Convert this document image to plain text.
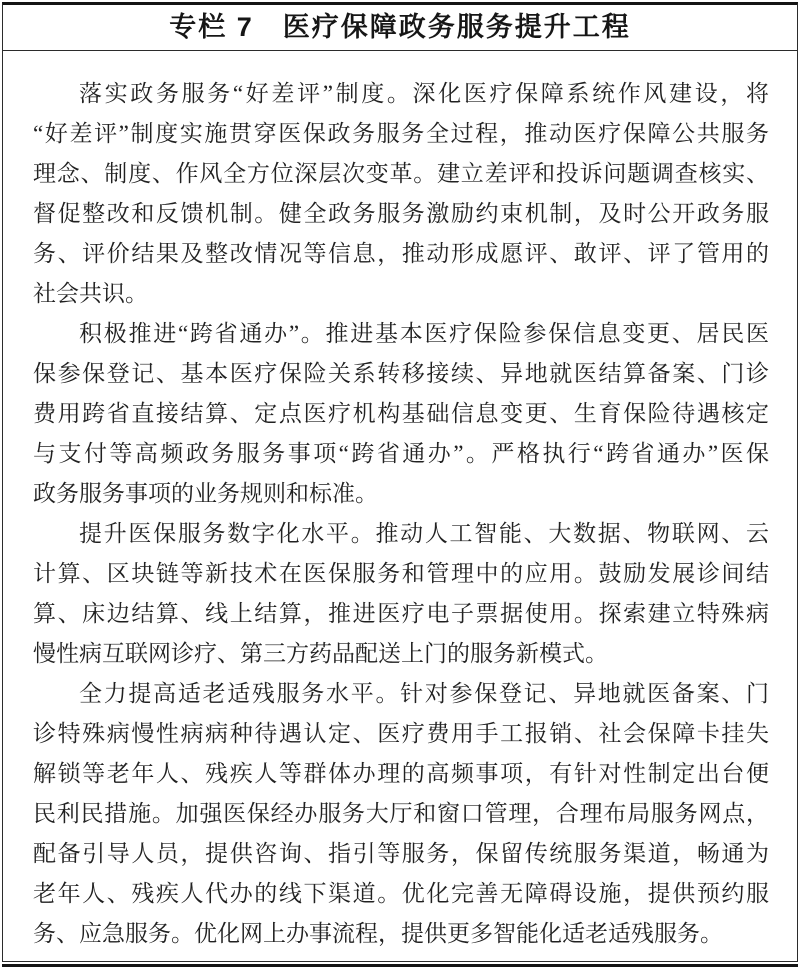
专栏 7　医疗保障政务服务提升工程
落实政务服务“好差评”制度。深化医疗保障系统作风建设，将
“好差评”制度实施贯穿医保政务服务全过程，推动医疗保障公共服务
理念、制度、作风全方位深层次变革。建立差评和投诉问题调查核实、
督促整改和反馈机制。健全政务服务激励约束机制，及时公开政务服
务、评价结果及整改情况等信息，推动形成愿评、敢评、评了管用的
社会共识。
积极推进“跨省通办”。推进基本医疗保险参保信息变更、居民医
保参保登记、基本医疗保险关系转移接续、异地就医结算备案、门诊
费用跨省直接结算、定点医疗机构基础信息变更、生育保险待遇核定
与支付等高频政务服务事项“跨省通办”。严格执行“跨省通办”医保
政务服务事项的业务规则和标准。
提升医保服务数字化水平。推动人工智能、大数据、物联网、云
计算、区块链等新技术在医保服务和管理中的应用。鼓励发展诊间结
算、床边结算、线上结算，推进医疗电子票据使用。探索建立特殊病
慢性病互联网诊疗、第三方药品配送上门的服务新模式。
全力提高适老适残服务水平。针对参保登记、异地就医备案、门
诊特殊病慢性病病种待遇认定、医疗费用手工报销、社会保障卡挂失
解锁等老年人、残疾人等群体办理的高频事项，有针对性制定出台便
民利民措施。加强医保经办服务大厅和窗口管理，合理布局服务网点，
配备引导人员，提供咨询、指引等服务，保留传统服务渠道，畅通为
老年人、残疾人代办的线下渠道。优化完善无障碍设施，提供预约服
务、应急服务。优化网上办事流程，提供更多智能化适老适残服务。
